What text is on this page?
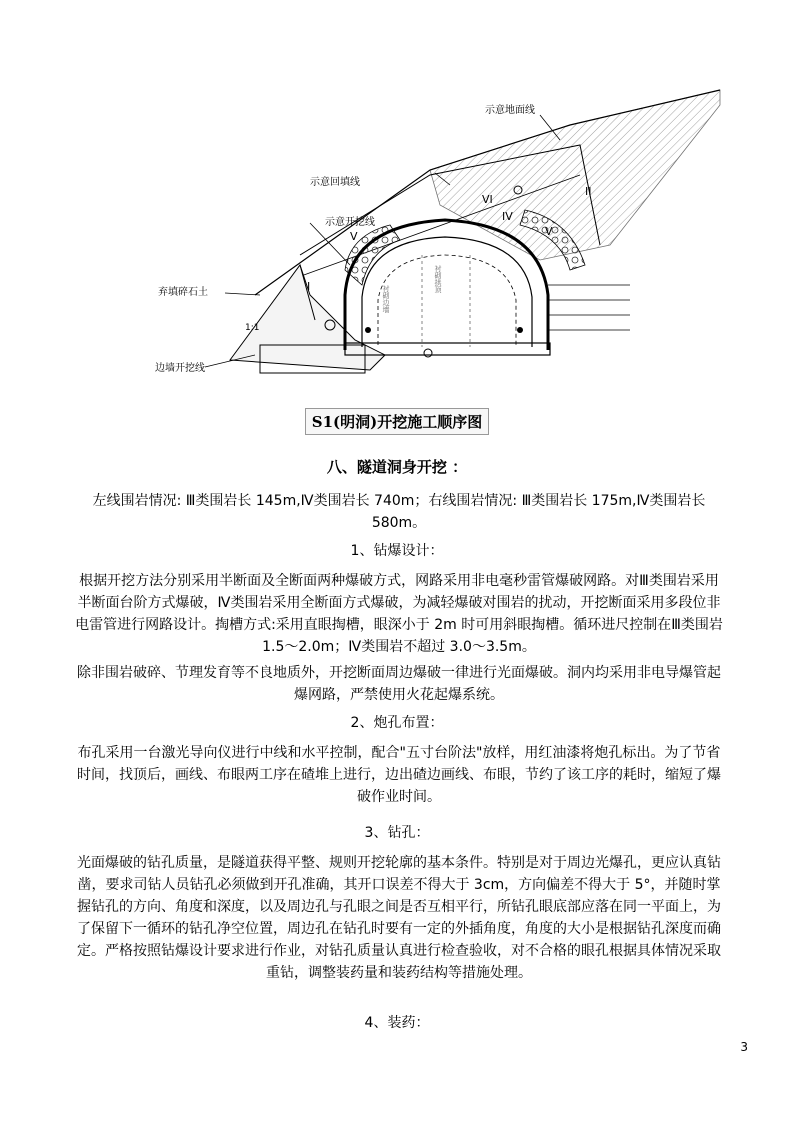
示意地面线
示意回填线
示意开挖线
弃填碎石土
边墙开挖线
I
II
IV
V	V
VI
1:1
衬砌边墙
衬砌拱顶
S1(明洞)开挖施工顺序图
八、隧道洞身开挖 ：
左线围岩情况: Ⅲ类围岩长 145m,Ⅳ类围岩长 740m；右线围岩情况: Ⅲ类围岩长 175m,Ⅳ类围岩长 580m。
1、钻爆设计：
根据开挖方法分别采用半断面及全断面两种爆破方式，网路采用非电毫秒雷管爆破网路。对Ⅲ类围岩采用半断面台阶方式爆破，Ⅳ类围岩采用全断面方式爆破，为减轻爆破对围岩的扰动，开挖断面采用多段位非电雷管进行网路设计。掏槽方式:采用直眼掏槽，眼深小于 2m 时可用斜眼掏槽。循环进尺控制在Ⅲ类围岩 1.5～2.0m；Ⅳ类围岩不超过 3.0～3.5m。
除非围岩破碎、节理发育等不良地质外，开挖断面周边爆破一律进行光面爆破。洞内均采用非电导爆管起爆网路，严禁使用火花起爆系统。
2、炮孔布置：
布孔采用一台激光导向仪进行中线和水平控制，配合"五寸台阶法"放样，用红油漆将炮孔标出。为了节省时间，找顶后，画线、布眼两工序在碴堆上进行，边出碴边画线、布眼，节约了该工序的耗时，缩短了爆破作业时间。
3、钻孔：
光面爆破的钻孔质量，是隧道获得平整、规则开挖轮廓的基本条件。特别是对于周边光爆孔，更应认真钻凿，要求司钻人员钻孔必须做到开孔准确，其开口误差不得大于 3cm，方向偏差不得大于 5°，并随时掌握钻孔的方向、角度和深度，以及周边孔与孔眼之间是否互相平行，所钻孔眼底部应落在同一平面上，为了保留下一循环的钻孔净空位置，周边孔在钻孔时要有一定的外插角度，角度的大小是根据钻孔深度而确定。严格按照钻爆设计要求进行作业，对钻孔质量认真进行检查验收，对不合格的眼孔根据具体情况采取重钻，调整装药量和装药结构等措施处理。
4、装药：
3
